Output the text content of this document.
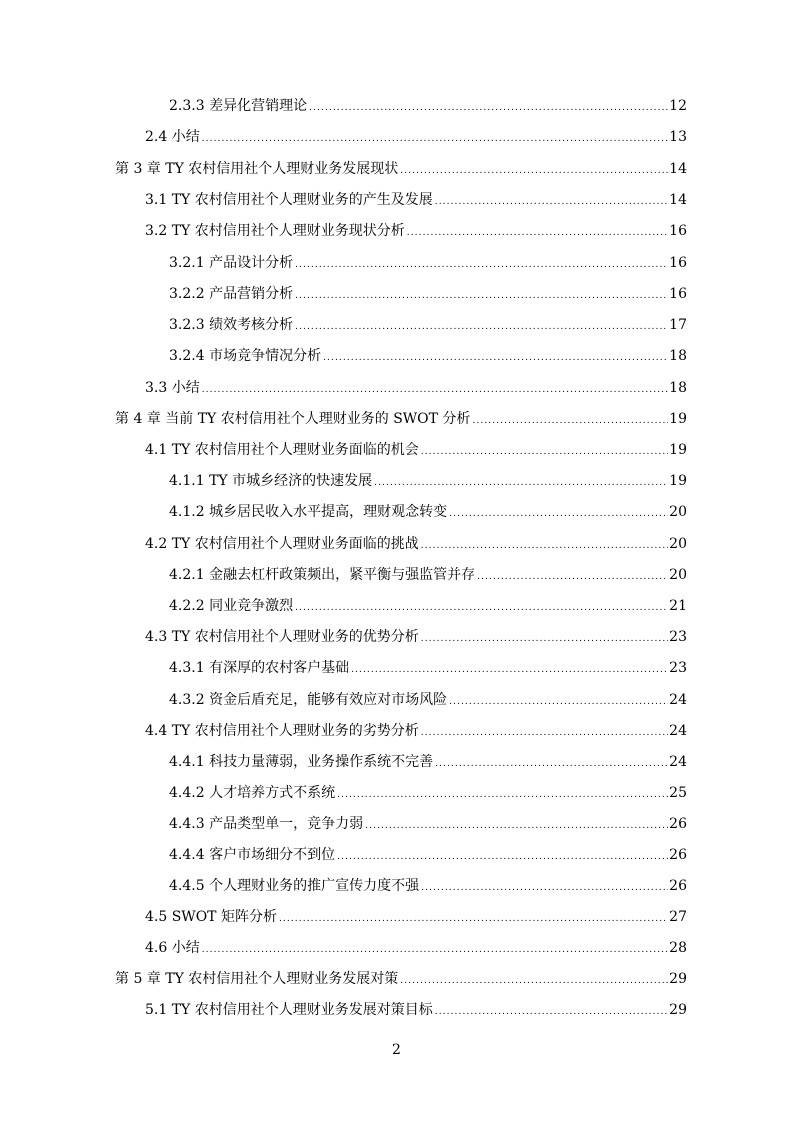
2.3.3 差异化营销理论 .....	12
2.4 小结 .....	13
第 3 章 TY 农村信用社个人理财业务发展现状 .....	14
3.1 TY 农村信用社个人理财业务的产生及发展 .....	14
3.2 TY 农村信用社个人理财业务现状分析 .....	16
3.2.1 产品设计分析 .....	16
3.2.2 产品营销分析 .....	16
3.2.3 绩效考核分析 .....	17
3.2.4 市场竞争情况分析 .....	18
3.3 小结 .....	18
第 4 章 当前 TY 农村信用社个人理财业务的 SWOT 分析 .....	19
4.1 TY 农村信用社个人理财业务面临的机会 .....	19
4.1.1 TY 市城乡经济的快速发展 .....	19
4.1.2 城乡居民收入水平提高，理财观念转变 .....	20
4.2 TY 农村信用社个人理财业务面临的挑战 .....	20
4.2.1 金融去杠杆政策频出，紧平衡与强监管并存 .....	20
4.2.2 同业竞争激烈 .....	21
4.3 TY 农村信用社个人理财业务的优势分析 .....	23
4.3.1 有深厚的农村客户基础 .....	23
4.3.2 资金后盾充足，能够有效应对市场风险 .....	24
4.4 TY 农村信用社个人理财业务的劣势分析 .....	24
4.4.1 科技力量薄弱，业务操作系统不完善 .....	24
4.4.2 人才培养方式不系统 .....	25
4.4.3 产品类型单一，竞争力弱 .....	26
4.4.4 客户市场细分不到位 .....	26
4.4.5 个人理财业务的推广宣传力度不强 .....	26
4.5 SWOT 矩阵分析 .....	27
4.6 小结 .....	28
第 5 章 TY 农村信用社个人理财业务发展对策 .....	29
5.1 TY 农村信用社个人理财业务发展对策目标 .....	29
2
